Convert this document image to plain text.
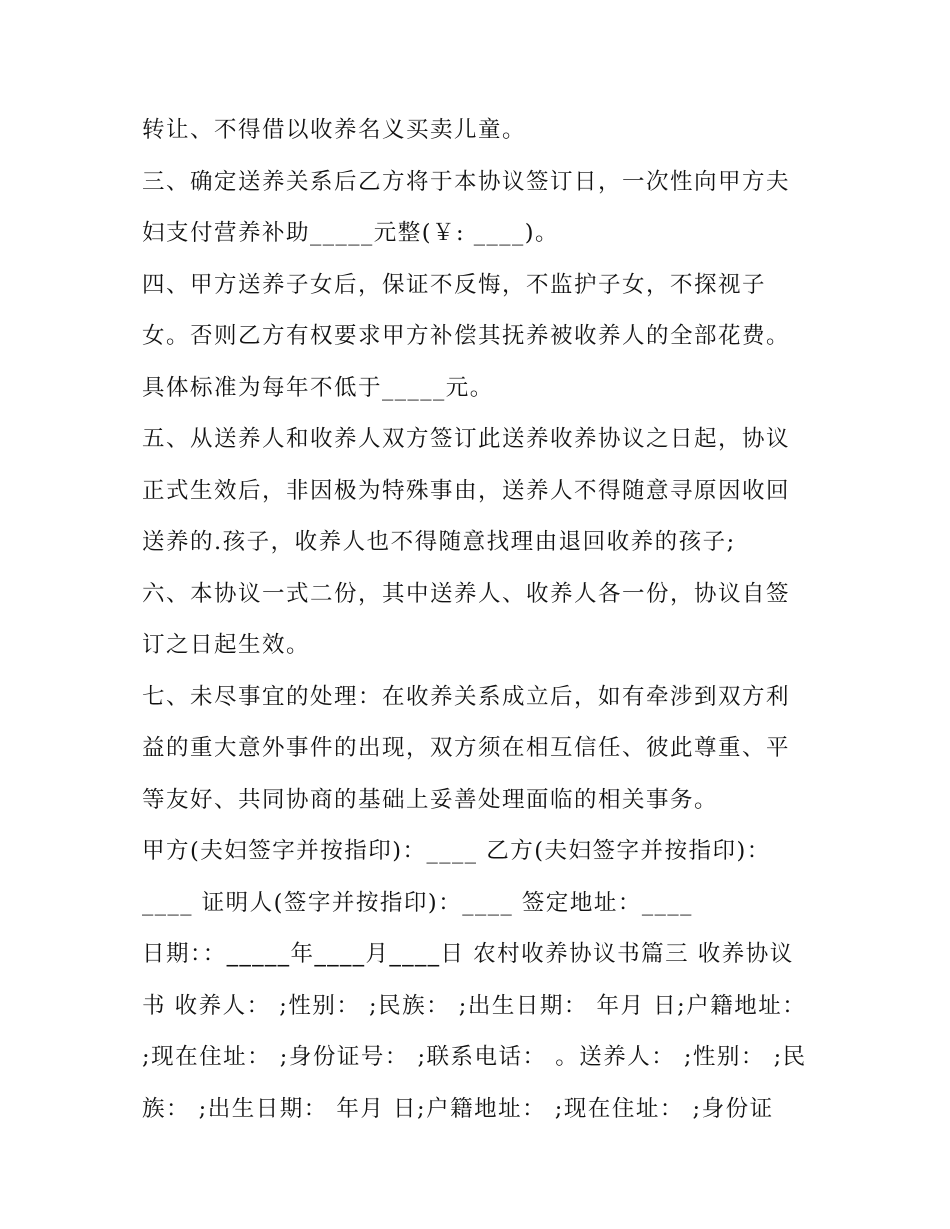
转让、不得借以收养名义买卖儿童。
三、确定送养关系后乙方将于本协议签订日，一次性向甲方夫
妇支付营养补助_____元整(￥: ____)。
四、甲方送养子女后，保证不反悔，不监护子女，不探视子
女。否则乙方有权要求甲方补偿其抚养被收养人的全部花费。
具体标准为每年不低于_____元。
五、从送养人和收养人双方签订此送养收养协议之日起，协议
正式生效后，非因极为特殊事由，送养人不得随意寻原因收回
送养的.孩子，收养人也不得随意找理由退回收养的孩子;
六、本协议一式二份，其中送养人、收养人各一份，协议自签
订之日起生效。
七、未尽事宜的处理：在收养关系成立后，如有牵涉到双方利
益的重大意外事件的出现，双方须在相互信任、彼此尊重、平
等友好、共同协商的基础上妥善处理面临的相关事务。
甲方(夫妇签字并按指印)：____ 乙方(夫妇签字并按指印)：
____ 证明人(签字并按指印)：____ 签定地址：____
日期：：_____年____月____日 农村收养协议书篇三 收养协议
书 收养人： ;性别： ;民族： ;出生日期： 年月 日;户籍地址：
;现在住址： ;身份证号： ;联系电话： 。送养人： ;性别： ;民
族： ;出生日期： 年月 日;户籍地址： ;现在住址： ;身份证
